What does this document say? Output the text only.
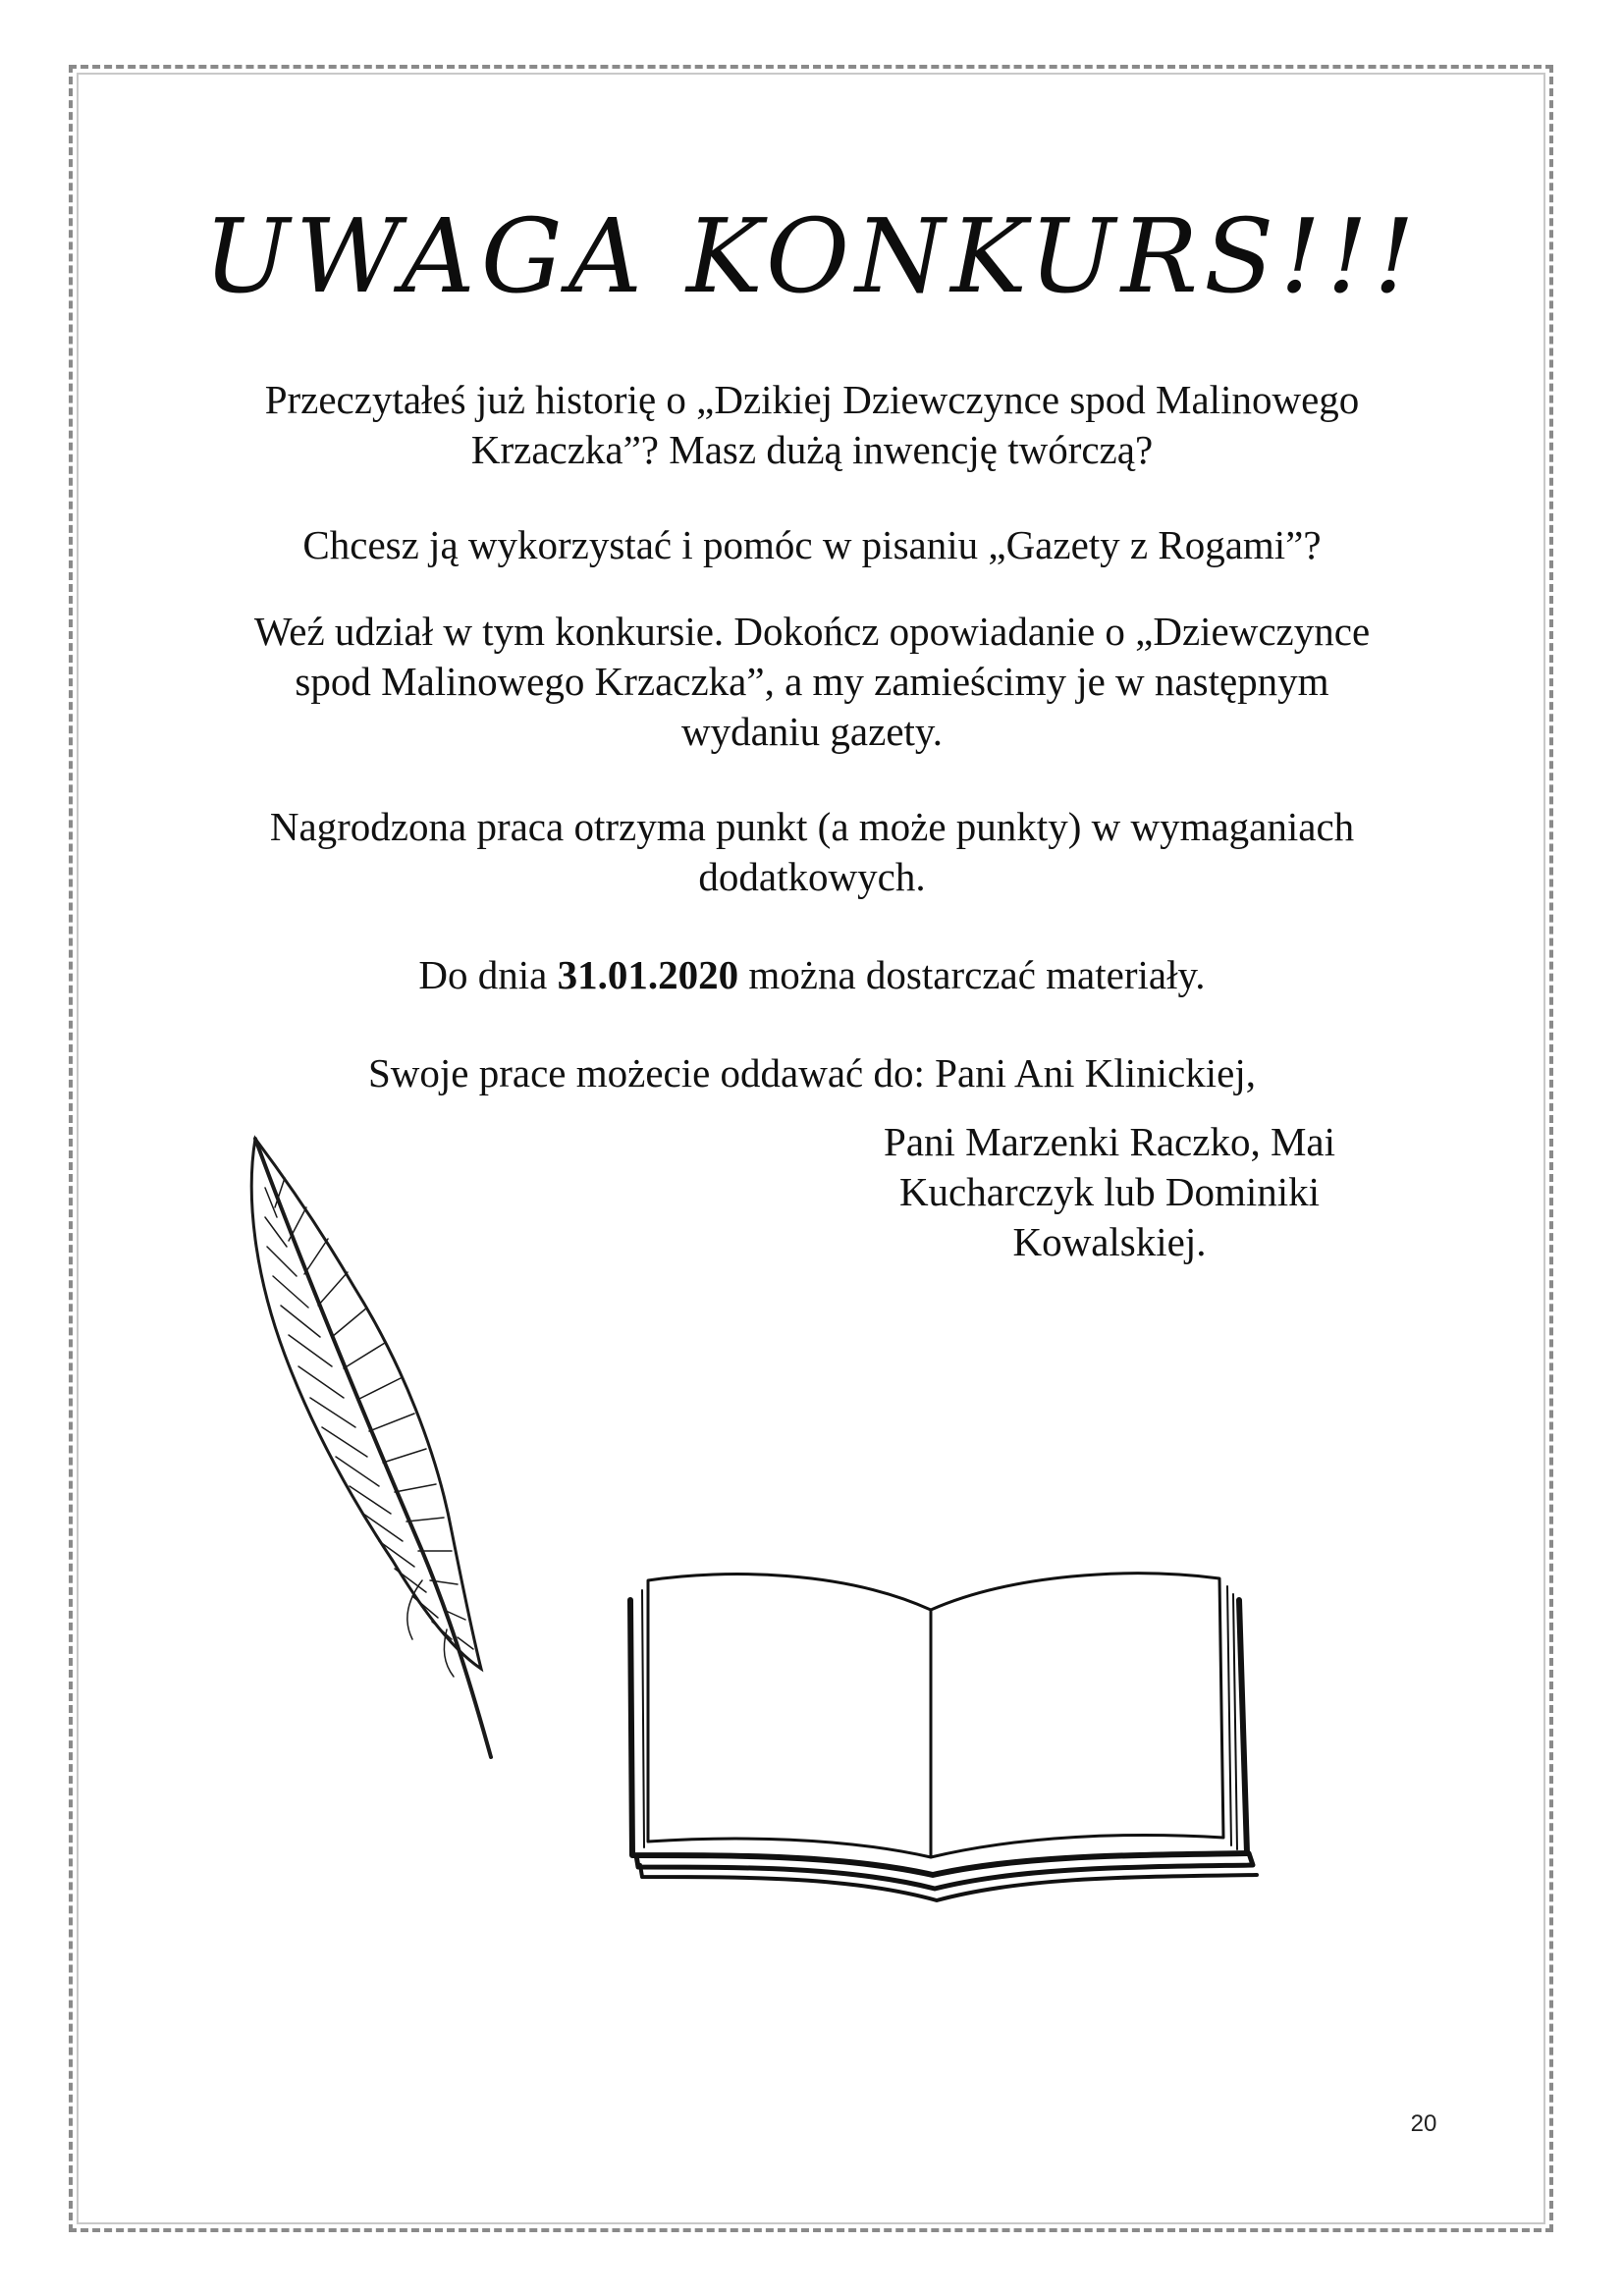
UWAGA KONKURS!!!

Przeczytałeś już historię o „Dzikiej Dziewczynce spod Malinowego
Krzaczka”? Masz dużą inwencję twórczą?

Chcesz ją wykorzystać i pomóc w pisaniu „Gazety z Rogami”?

Weź udział w tym konkursie. Dokończ opowiadanie o „Dziewczynce
spod Malinowego Krzaczka”, a my zamieścimy je w następnym
wydaniu gazety.

Nagrodzona praca otrzyma punkt (a może punkty) w wymaganiach
dodatkowych.

Do dnia 31.01.2020 można dostarczać materiały.

Swoje prace możecie oddawać do: Pani Ani Klinickiej,

Pani Marzenki Raczko, Mai
Kucharczyk lub Dominiki
Kowalskiej.

20
